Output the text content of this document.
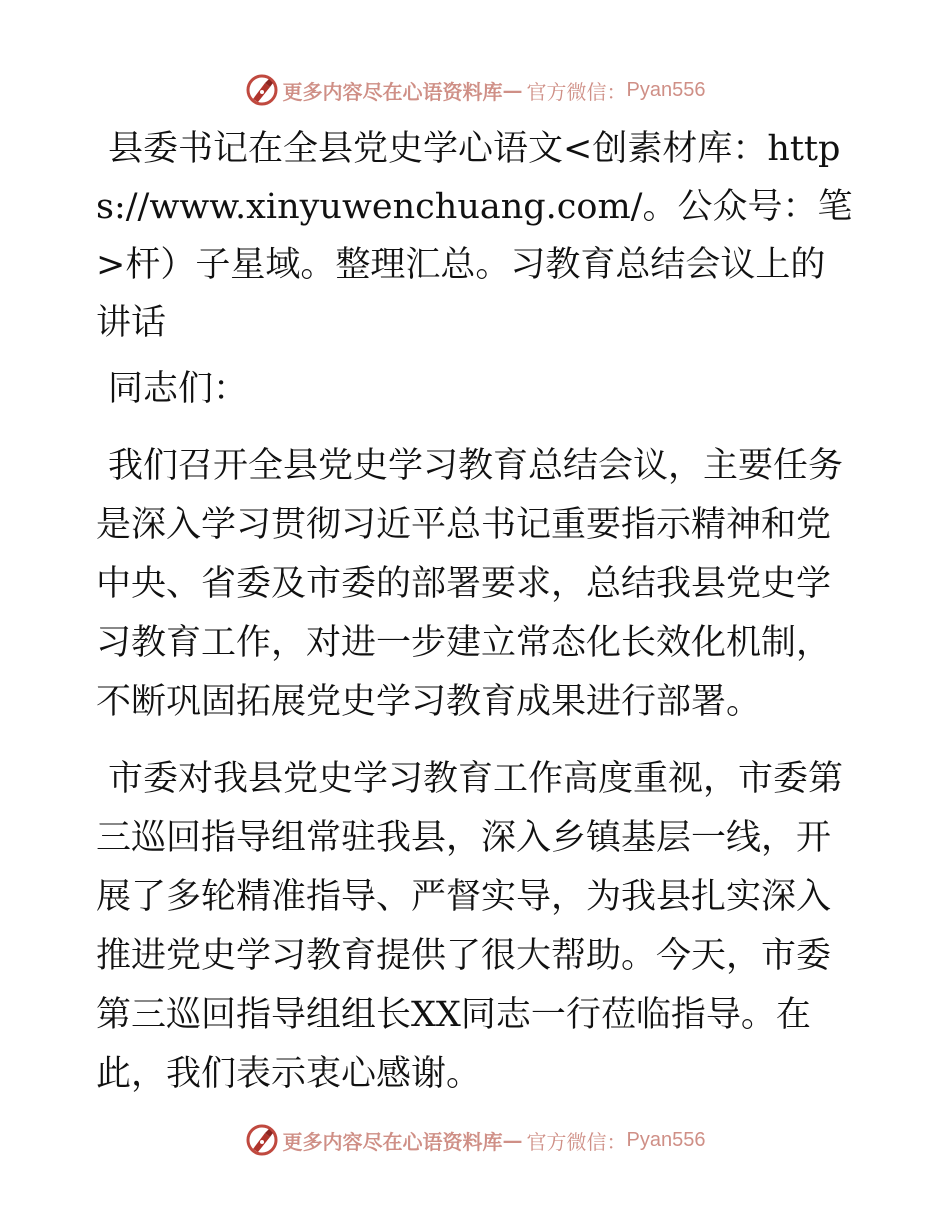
更多内容尽在心语资料库 — 官方微信： Pyan556

县委书记在全县党史学心语文<创素材库：https://www.xinyuwenchuang.com/。公众号：笔>杆）子星域。整理汇总。习教育总结会议上的讲话

同志们：

我们召开全县党史学习教育总结会议，主要任务是深入学习贯彻习近平总书记重要指示精神和党中央、省委及市委的部署要求，总结我县党史学习教育工作，对进一步建立常态化长效化机制，不断巩固拓展党史学习教育成果进行部署。

市委对我县党史学习教育工作高度重视，市委第三巡回指导组常驻我县，深入乡镇基层一线，开展了多轮精准指导、严督实导，为我县扎实深入推进党史学习教育提供了很大帮助。今天，市委第三巡回指导组组长XX同志一行莅临指导。在此，我们表示衷心感谢。

更多内容尽在心语资料库 — 官方微信： Pyan556
